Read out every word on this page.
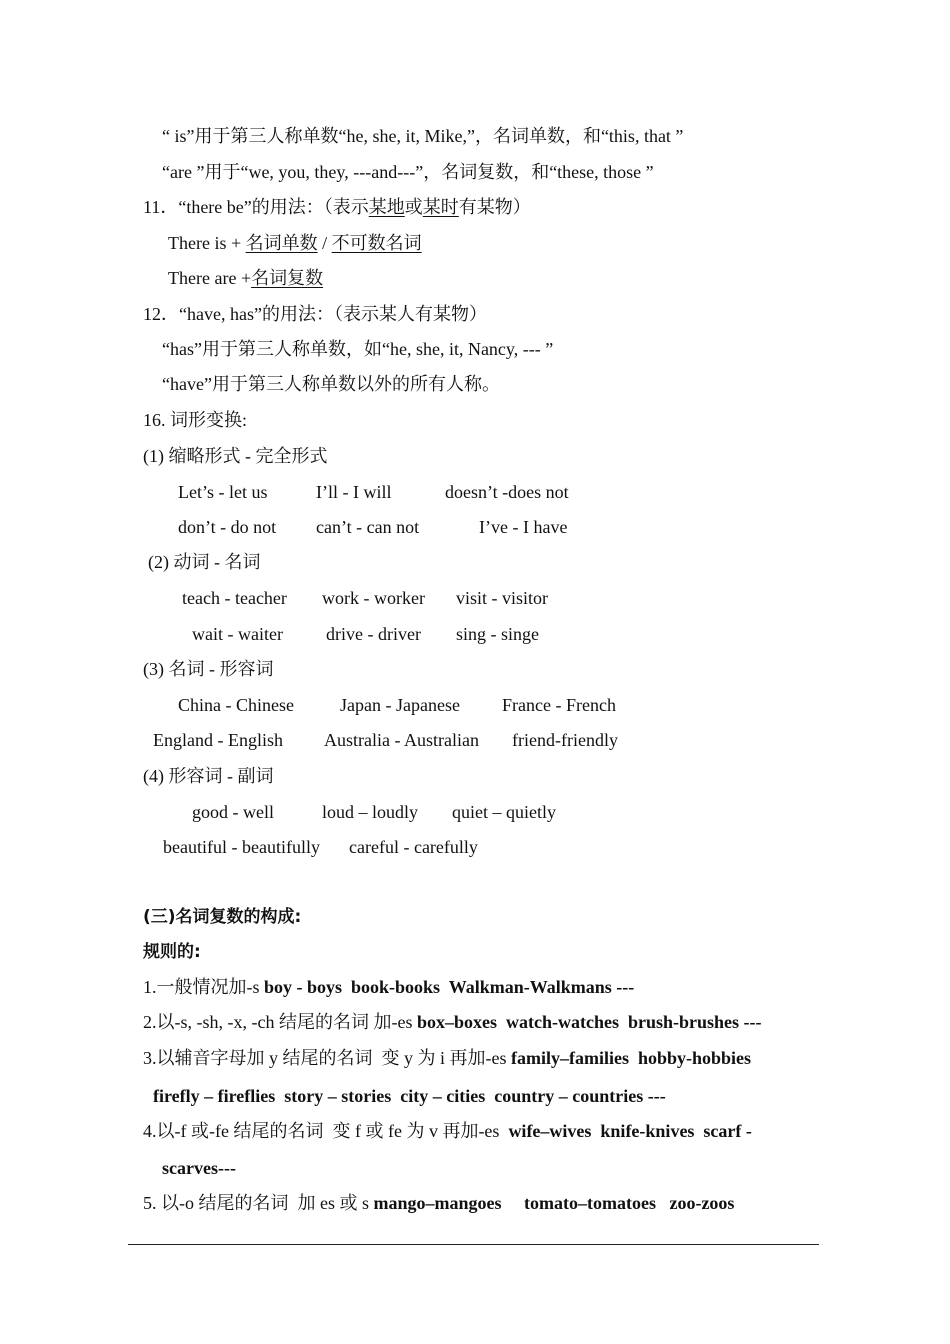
“ is”用于第三人称单数“he, she, it, Mike,”，名词单数，和“this, that ”
“are ”用于“we, you, they, ---and---”，名词复数，和“these, those ”
11．“there be”的用法：（表示某地或某时有某物）
There is + 名词单数 / 不可数名词
There are +名词复数
12．“have, has”的用法：（表示某人有某物）
“has”用于第三人称单数，如“he, she, it, Nancy, --- ”
“have”用于第三人称单数以外的所有人称。
16. 词形变换:
(1) 缩略形式 - 完全形式
Let’s - let us	I’ll - I will	doesn’t -does not
don’t - do not can’t - can not	I’ve - I have
(2) 动词 - 名词
teach - teacher work - worker visit - visitor
wait - waiter drive - driver sing - singe
(3) 名词 - 形容词
China - Chinese	Japan - Japanese France - French
England - English Australia - Australian friend-friendly
(4) 形容词 - 副词
good - well	loud – loudly quiet – quietly
beautiful - beautifully careful - carefully
(三)名词复数的构成:
规则的:
1.一般情况加-s boy - boys  book-books  Walkman-Walkmans ---
2.以-s, -sh, -x, -ch 结尾的名词 加-es box–boxes  watch-watches  brush-brushes ---
3.以辅音字母加 y 结尾的名词  变 y 为 i 再加-es family–families  hobby-hobbies
firefly – fireflies  story – stories  city – cities  country – countries ---
4.以-f 或-fe 结尾的名词  变 f 或 fe 为 v 再加-es  wife–wives  knife-knives  scarf -
scarves---
5. 以-o 结尾的名词  加 es 或 s mango–mangoes     tomato–tomatoes   zoo-zoos
